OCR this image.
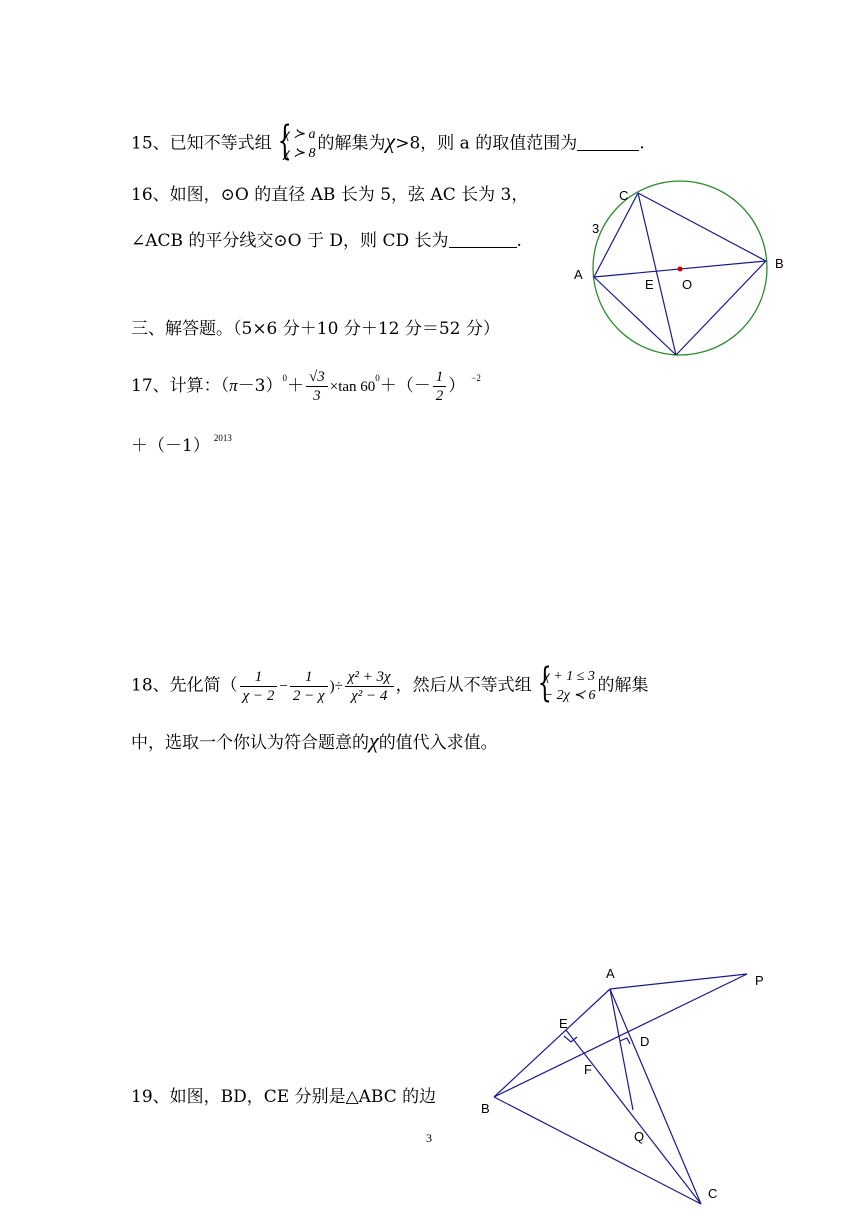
15、已知不等式组 {
χ ≻ a
χ ≻ 8 的解集为χ>8，则 a 的取值范围为	.
16、如图，⊙O 的直径 AB 长为 5，弦 AC 长为 3，
∠ACB 的平分线交⊙O 于 D，则 CD 长为	.
C
3
A
B
E O
三、解答题。（5×6 分＋10 分＋12 分＝52 分）
17、计算：$(\pi-3)^0+ \frac{√3}{3} \times\tan$ $60^0+(- \frac{1}{2}$ ） $^{-2}$
＋（－1） $^{2013}$
18、先化简（ $\frac{1}{\chi - 2} - \frac{1}{2 - \chi}$ )÷ $\frac{\text{χ² + 3χ}}{\text{χ² − 4}}$ ，然后从不等式组 {
χ + 1 ≤ 3
− 2χ ≺ 6 的解集
中，选取一个你认为符合题意的χ的值代入求值。
19、如图，BD，CE 分别是△ABC 的边
A	P
E
D
F
B
Q
C
3
